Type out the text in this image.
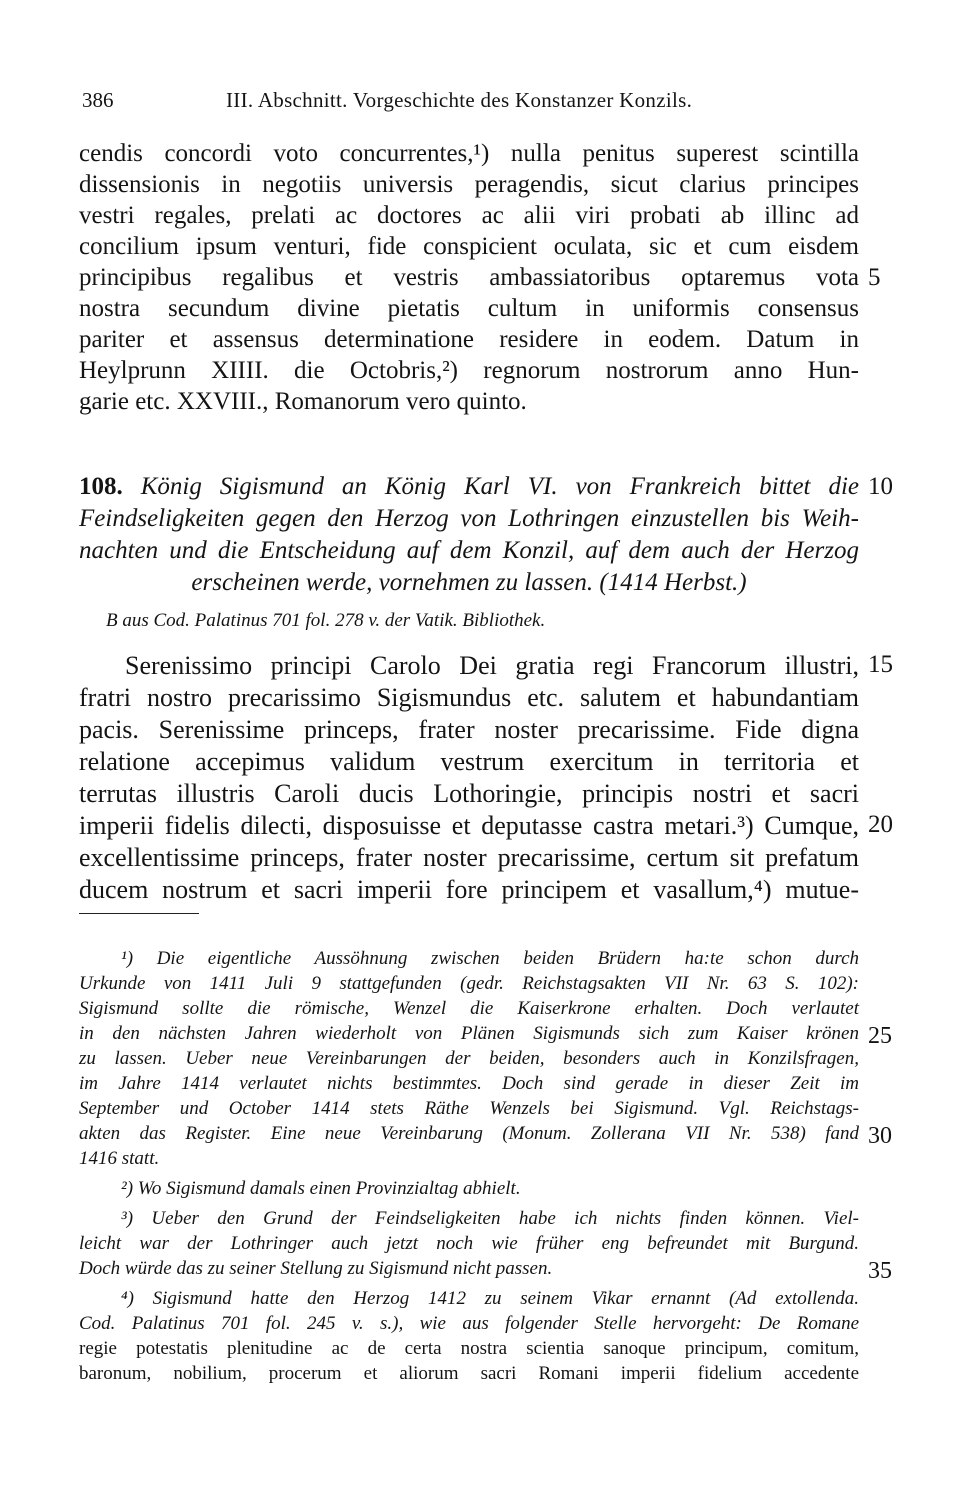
386	III. Abschnitt. Vorgeschichte des Konstanzer Konzils.
cendis concordi voto concurrentes,¹) nulla penitus superest scintilla
dissensionis in negotiis universis peragendis, sicut clarius principes
vestri regales, prelati ac doctores ac alii viri probati ab illinc ad
concilium ipsum venturi, fide conspicient oculata, sic et cum eisdem
principibus regalibus et vestris ambassiatoribus optaremus vota
nostra secundum divine pietatis cultum in uniformis consensus
pariter et assensus determinatione residere in eodem. Datum in
Heylprunn XIIII. die Octobris,²) regnorum nostrorum anno Hun-
garie etc. XXVIII., Romanorum vero quinto.
108. König Sigismund an König Karl VI. von Frankreich bittet die
Feindseligkeiten gegen den Herzog von Lothringen einzustellen bis Weih-
nachten und die Entscheidung auf dem Konzil, auf dem auch der Herzog
erscheinen werde, vornehmen zu lassen. (1414 Herbst.)
B aus Cod. Palatinus 701 fol. 278 v. der Vatik. Bibliothek.
Serenissimo principi Carolo Dei gratia regi Francorum illustri,
fratri nostro precarissimo Sigismundus etc. salutem et habundantiam
pacis. Serenissime princeps, frater noster precarissime. Fide digna
relatione accepimus validum vestrum exercitum in territoria et
terrutas illustris Caroli ducis Lothoringie, principis nostri et sacri
imperii fidelis dilecti, disposuisse et deputasse castra metari.³) Cumque,
excellentissime princeps, frater noster precarissime, certum sit prefatum
ducem nostrum et sacri imperii fore principem et vasallum,⁴) mutue-
¹) Die eigentliche Aussöhnung zwischen beiden Brüdern ha:te schon durch
Urkunde von 1411 Juli 9 stattgefunden (gedr. Reichstagsakten VII Nr. 63 S. 102):
Sigismund sollte die römische, Wenzel die Kaiserkrone erhalten. Doch verlautet
in den nächsten Jahren wiederholt von Plänen Sigismunds sich zum Kaiser krönen
zu lassen. Ueber neue Vereinbarungen der beiden, besonders auch in Konzilsfragen,
im Jahre 1414 verlautet nichts bestimmtes. Doch sind gerade in dieser Zeit im
September und October 1414 stets Räthe Wenzels bei Sigismund. Vgl. Reichstags-
akten das Register. Eine neue Vereinbarung (Monum. Zollerana VII Nr. 538) fand
1416 statt.
²) Wo Sigismund damals einen Provinzialtag abhielt.
³) Ueber den Grund der Feindseligkeiten habe ich nichts finden können. Viel-
leicht war der Lothringer auch jetzt noch wie früher eng befreundet mit Burgund.
Doch würde das zu seiner Stellung zu Sigismund nicht passen.
⁴) Sigismund hatte den Herzog 1412 zu seinem Vikar ernannt (Ad extollenda.
Cod. Palatinus 701 fol. 245 v. s.), wie aus folgender Stelle hervorgeht: De Romane
regie potestatis plenitudine ac de certa nostra scientia sanoque principum, comitum,
baronum, nobilium, procerum et aliorum sacri Romani imperii fidelium accedente
5
10
15
20
25
30
35
